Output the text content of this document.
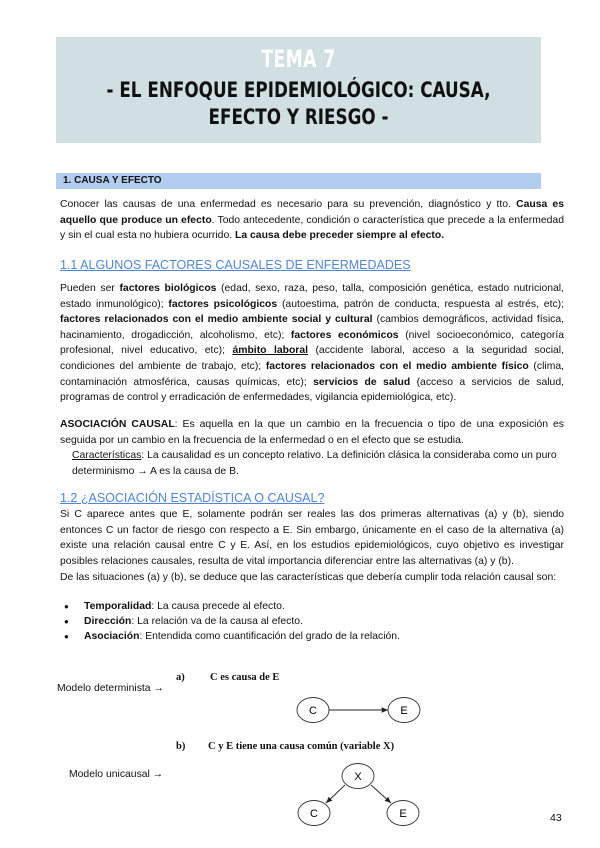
TEMA 7
- EL ENFOQUE EPIDEMIOLÓGICO: CAUSA, EFECTO Y RIESGO -
1. CAUSA Y EFECTO
Conocer las causas de una enfermedad es necesario para su prevención, diagnóstico y tto. Causa es aquello que produce un efecto. Todo antecedente, condición o característica que precede a la enfermedad y sin el cual esta no hubiera ocurrido. La causa debe preceder siempre al efecto.
1.1 ALGUNOS FACTORES CAUSALES DE ENFERMEDADES
Pueden ser factores biológicos (edad, sexo, raza, peso, talla, composición genética, estado nutricional, estado inmunológico); factores psicológicos (autoestima, patrón de conducta, respuesta al estrés, etc); factores relacionados con el medio ambiente social y cultural (cambios demográficos, actividad física, hacinamiento, drogadicción, alcoholismo, etc); factores económicos (nivel socioeconómico, categoría profesional, nivel educativo, etc); ámbito laboral (accidente laboral, acceso a la seguridad social, condiciones del ambiente de trabajo, etc); factores relacionados con el medio ambiente físico (clima, contaminación atmosférica, causas químicas, etc); servicios de salud (acceso a servicios de salud, programas de control y erradicación de enfermedades, vigilancia epidemiológica, etc).
ASOCIACIÓN CAUSAL: Es aquella en la que un cambio en la frecuencia o tipo de una exposición es seguida por un cambio en la frecuencia de la enfermedad o en el efecto que se estudia.
Características: La causalidad es un concepto relativo. La definición clásica la consideraba como un puro determinismo → A es la causa de B.
1.2 ¿ASOCIACIÓN ESTADÍSTICA O CAUSAL?
Si C aparece antes que E, solamente podrán ser reales las dos primeras alternativas (a) y (b), siendo entonces C un factor de riesgo con respecto a E. Sin embargo, únicamente en el caso de la alternativa (a) existe una relación causal entre C y E. Así, en los estudios epidemiológicos, cuyo objetivo es investigar posibles relaciones causales, resulta de vital importancia diferenciar entre las alternativas (a) y (b).
De las situaciones (a) y (b), se deduce que las características que debería cumplir toda relación causal son:
● Temporalidad: La causa precede al efecto.
● Dirección: La relación va de la causa al efecto.
● Asociación: Entendida como cuantificación del grado de la relación.
a) C es causa de E
Modelo determinista →
b) C y E tiene una causa común (variable X)
Modelo unicausal →
C	E
X
C	E	43
